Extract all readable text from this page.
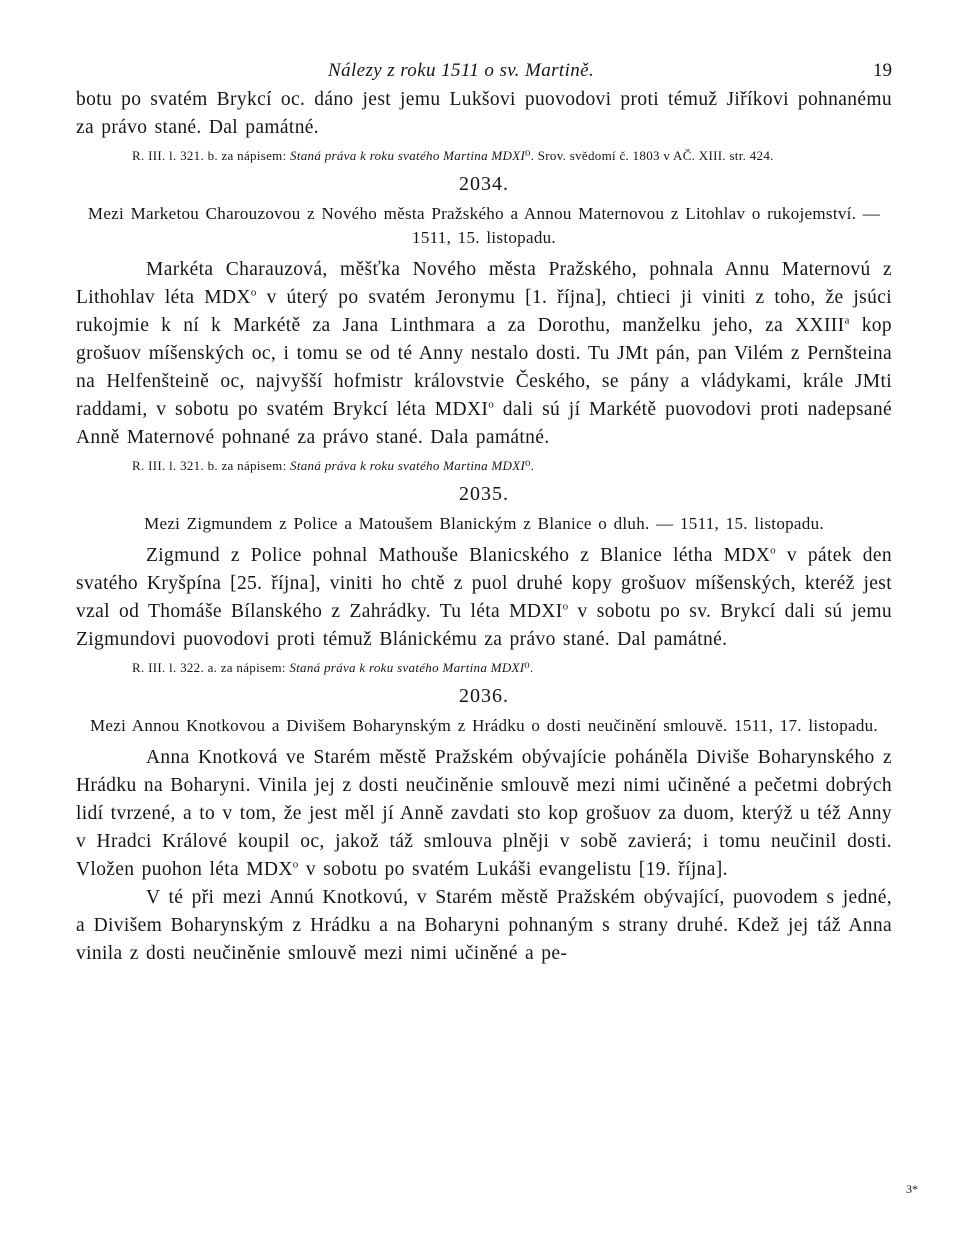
Nálezy z roku 1511 o sv. Martině.	19

botu po svatém Brykcí oc. dáno jest jemu Lukšovi puovodovi proti témuž Jiříkovi pohnanému za právo stané. Dal památné.

R. III. l. 321. b. za nápisem: Staná práva k roku svatého Martina MDXI⁰. Srov. svědomí č. 1803 v AČ. XIII. str. 424.

2034.
Mezi Marketou Charouzovou z Nového města Pražského a Annou Maternovou z Litohlav o rukojemství. — 1511, 15. listopadu.

Markéta Charauzová, měšťka Nového města Pražského, pohnala Annu Maternovú z Lithohlav léta MDX$^o$ v úterý po svatém Jeronymu [1. října], chtieci ji viniti z toho, že jsúci rukojmie k ní k Markétě za Jana Linthmara a za Dorothu, manželku jeho, za XXIII$^a$ kop grošuov míšenských oc, i tomu se od té Anny nestalo dosti. Tu JMt pán, pan Vilém z Pernšteina na Helfenšteině oc, najvyšší hofmistr královstvie Českého, se pány a vládykami, krále JMti raddami, v sobotu po svatém Brykcí léta MDXI$^o$ dali sú jí Markétě puovodovi proti nadepsané Anně Maternové pohnané za právo stané. Dala památné.

R. III. l. 321. b. za nápisem: Staná práva k roku svatého Martina MDXI⁰.

2035.
Mezi Zigmundem z Police a Matoušem Blanickým z Blanice o dluh. — 1511, 15. listopadu.

Zigmund z Police pohnal Mathouše Blanicského z Blanice létha MDX$^o$ v pátek den svatého Kryšpína [25. října], viniti ho chtě z puol druhé kopy grošuov míšenských, kteréž jest vzal od Thomáše Bílanského z Zahrádky. Tu léta MDXI$^o$ v sobotu po sv. Brykcí dali sú jemu Zigmundovi puovodovi proti témuž Blánickému za právo stané. Dal památné.

R. III. l. 322. a. za nápisem: Staná práva k roku svatého Martina MDXI⁰.

2036.
Mezi Annou Knotkovou a Divišem Boharynským z Hrádku o dosti neučinění smlouvě. 1511, 17. listopadu.

Anna Knotková ve Starém městě Pražském obývajície poháněla Diviše Boharynského z Hrádku na Boharyni. Vinila jej z dosti neučiněnie smlouvě mezi nimi učiněné a pečetmi dobrých lidí tvrzené, a to v tom, že jest měl jí Anně zavdati sto kop grošuov za duom, kterýž u též Anny v Hradci Králové koupil oc, jakož táž smlouva plněji v sobě zavierá; i tomu neučinil dosti. Vložen puohon léta MDX$^o$ v sobotu po svatém Lukáši evangelistu [19. října].

V té při mezi Annú Knotkovú, v Starém městě Pražském obývající, puovodem s jedné, a Divišem Boharynským z Hrádku a na Boharyni pohnaným s strany druhé. Kdež jej táž Anna vinila z dosti neučiněnie smlouvě mezi nimi učiněné a pe-

3*
